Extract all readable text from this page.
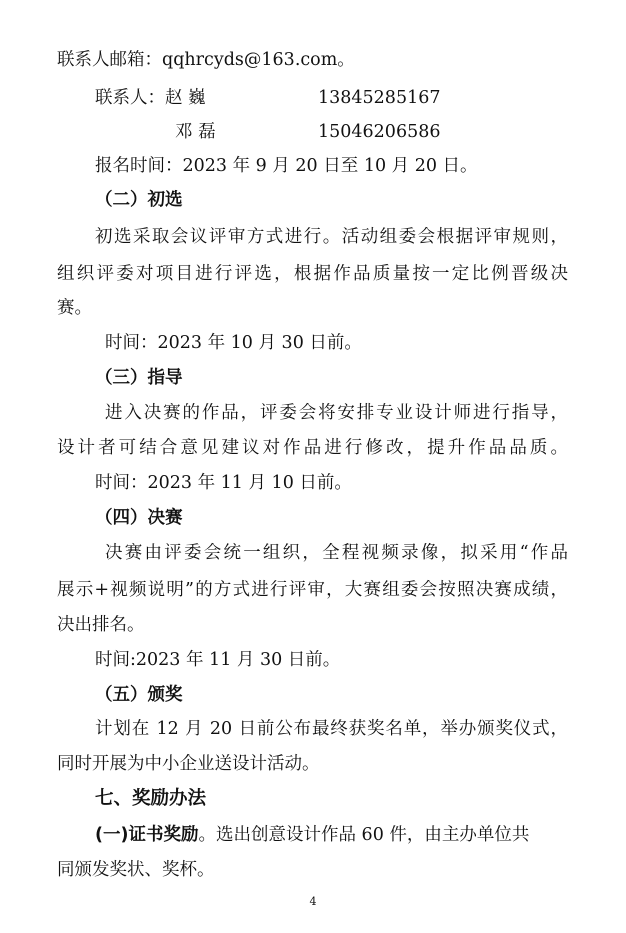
联系人邮箱：qqhrcyds@163.com。
联系人：赵 巍	13845285167
邓 磊	15046206586
报名时间：2023 年 9 月 20 日至 10 月 20 日。
（二）初选
初选采取会议评审方式进行。活动组委会根据评审规则，
组织评委对项目进行评选，根据作品质量按一定比例晋级决
赛。
时间：2023 年 10 月 30 日前。
（三）指导
进入决赛的作品，评委会将安排专业设计师进行指导，
设计者可结合意见建议对作品进行修改，提升作品品质。
时间：2023 年 11 月 10 日前。
（四）决赛
决赛由评委会统一组织，全程视频录像，拟采用“作品
展示+视频说明”的方式进行评审，大赛组委会按照决赛成绩，
决出排名。
时间:2023 年 11 月 30 日前。
（五）颁奖
计划在 12 月 20 日前公布最终获奖名单，举办颁奖仪式，
同时开展为中小企业送设计活动。
七、奖励办法
(一)证书奖励。选出创意设计作品 60 件，由主办单位共
同颁发奖状、奖杯。
4
